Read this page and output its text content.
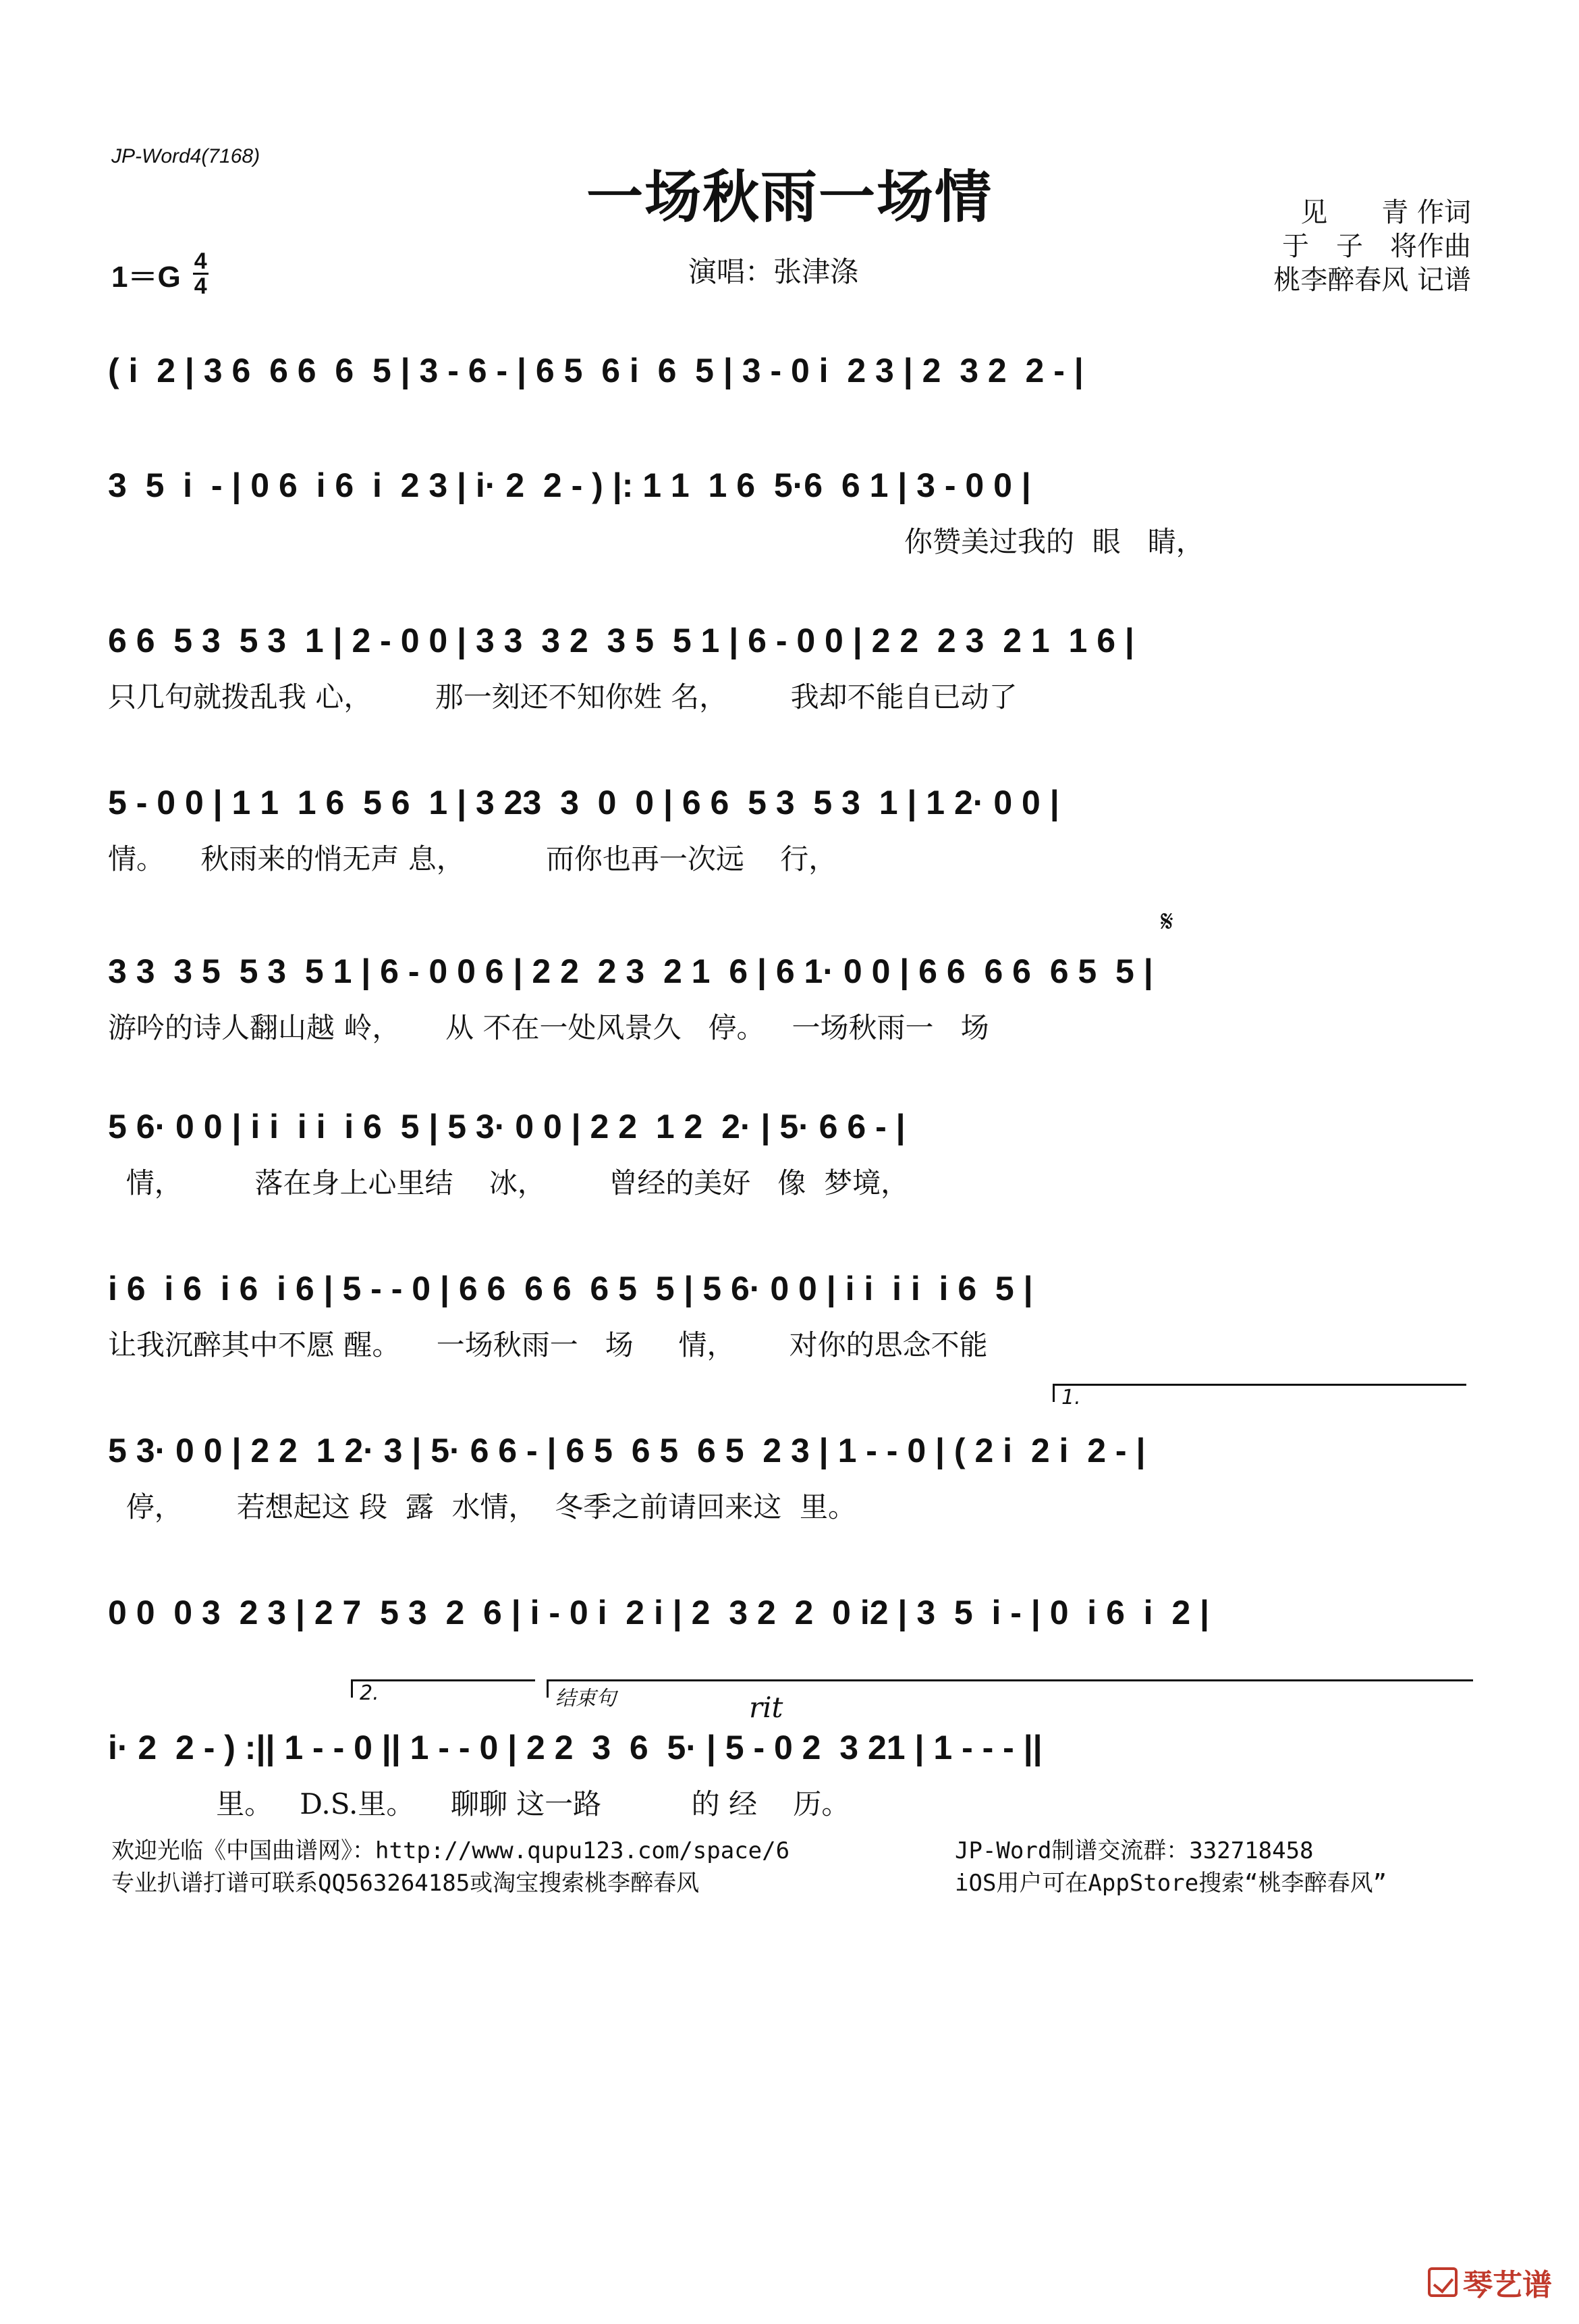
JP-Word4(7168)
一场秋雨一场情	见　　青 作词
于　子　将作曲
桃李醉春风 记谱
1＝G 4
4	演唱：张津涤
( i  2 | 3 6  6 6  6  5 | 3 - 6 - | 6 5  6 i  6  5 | 3 - 0 i  2 3 | 2  3 2  2 - |
3  5  i  - | 0 6  i 6  i  2 3 | i· 2  2 - ) |: 1 1  1 6  5·6  6 1 | 3 - 0 0 |
你赞美过我的  眼   睛，
6 6  5 3  5 3  1 | 2 - 0 0 | 3 3  3 2  3 5  5 1 | 6 - 0 0 | 2 2  2 3  2 1  1 6 |
只几句就拨乱我 心，       那一刻还不知你姓 名，       我却不能自已动了
5 - 0 0 | 1 1  1 6  5 6  1 | 3 23  3  0  0 | 6 6  5 3  5 3  1 | 1 2· 0 0 |
情。    秋雨来的悄无声 息，         而你也再一次远    行，
𝄋
3 3  3 5  5 3  5 1 | 6 - 0 0 6 | 2 2  2 3  2 1  6 | 6 1· 0 0 | 6 6  6 6  6 5  5 |
游吟的诗人翻山越 岭，     从 不在一处风景久   停。   一场秋雨一   场
5 6· 0 0 | i i  i i  i 6  5 | 5 3· 0 0 | 2 2  1 2  2· | 5· 6 6 - |
情，        落在身上心里结    冰，       曾经的美好   像  梦境，
i 6  i 6  i 6  i 6 | 5 - - 0 | 6 6  6 6  6 5  5 | 5 6· 0 0 | i i  i i  i 6  5 |
让我沉醉其中不愿 醒。    一场秋雨一   场     情，      对你的思念不能
1.
5 3· 0 0 | 2 2  1 2· 3 | 5· 6 6 - | 6 5  6 5  6 5  2 3 | 1 - - 0 | ( 2 i  2 i  2 - |
停，      若想起这 段  露  水情，  冬季之前请回来这  里。
0 0  0 3  2 3 | 2 7  5 3  2  6 | i - 0 i  2 i | 2  3 2  2  0 i2 | 3  5  i - | 0  i 6  i  2 |
2.	结束句	rit
i· 2  2 - ) :|| 1 - - 0 || 1 - - 0 | 2 2  3  6  5· | 5 - 0 2  3 21 | 1 - - - ||
里。   D.S.里。    聊聊 这一路          的 经    历。
欢迎光临《中国曲谱网》：http://www.qupu123.com/space/6
专业扒谱打谱可联系QQ563264185或淘宝搜索桃李醉春风
JP-Word制谱交流群：332718458
iOS用户可在AppStore搜索“桃李醉春风”
琴艺谱
